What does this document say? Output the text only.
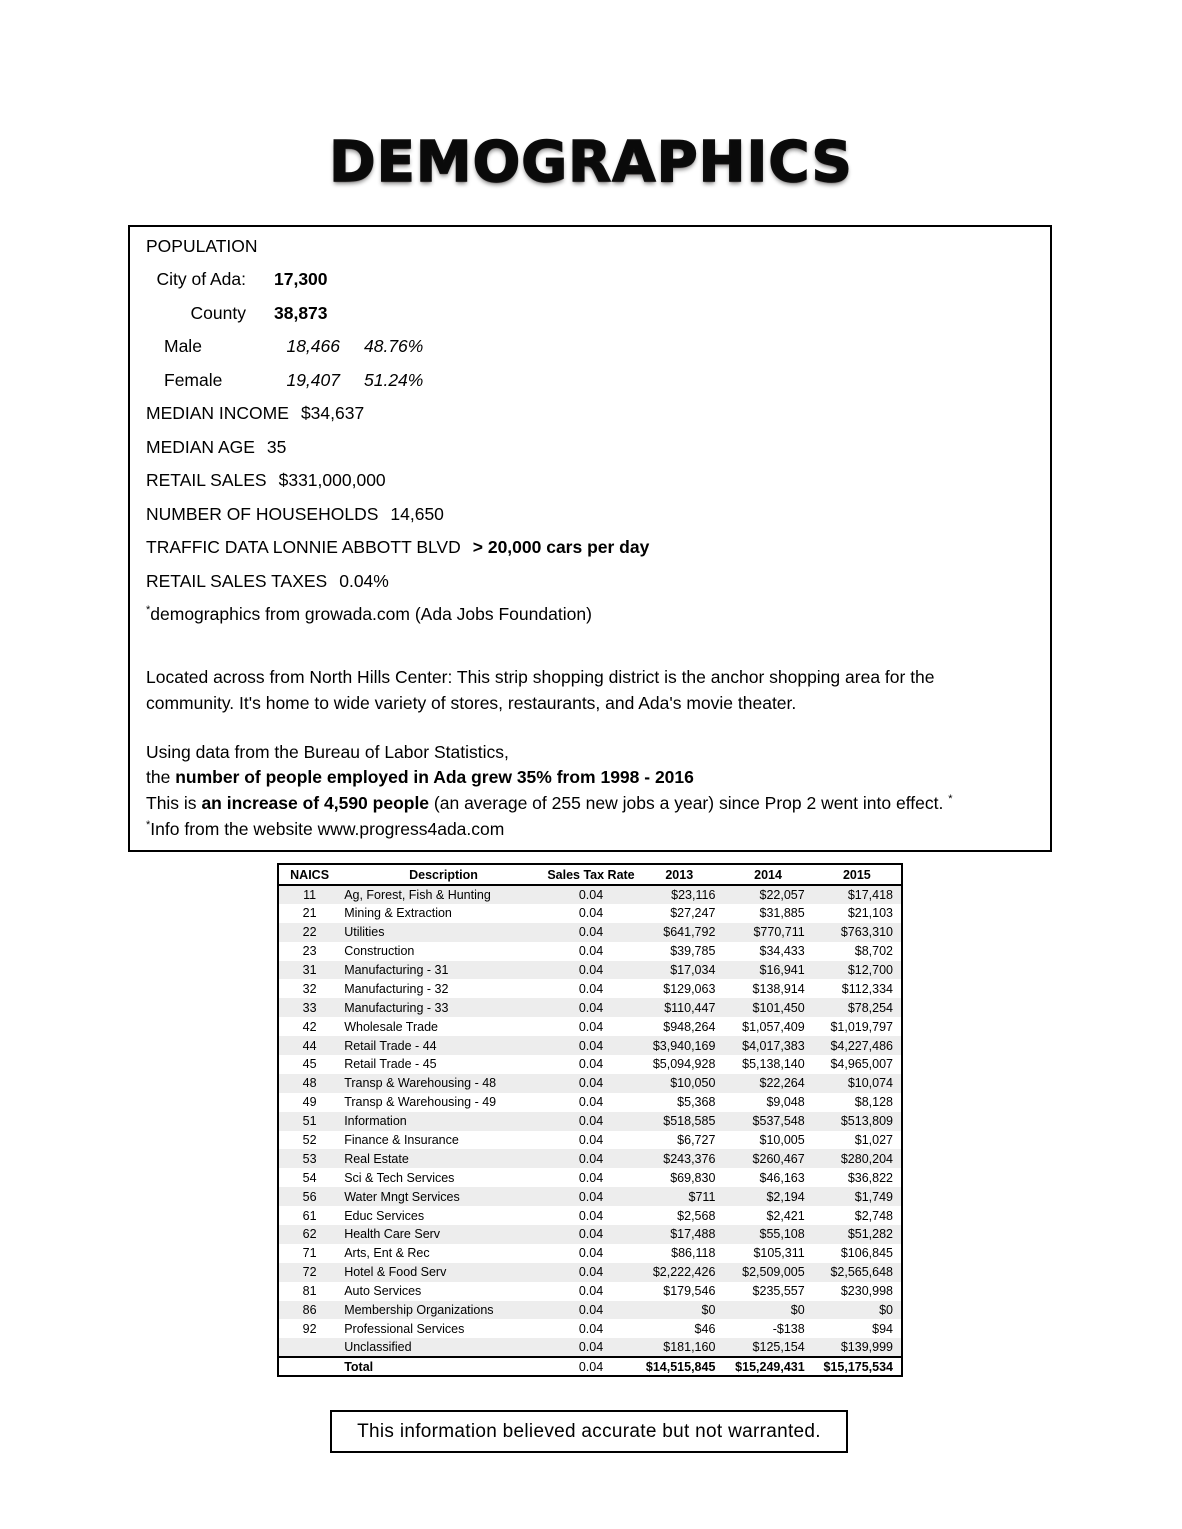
DEMOGRAPHICS
POPULATION
City of Ada: 17,300
County 38,873
Male	18,466 48.76%
Female	19,407 51.24%
MEDIAN INCOME $34,637
MEDIAN AGE 35
RETAIL SALES $331,000,000
NUMBER OF HOUSEHOLDS 14,650
TRAFFIC DATA LONNIE ABBOTT BLVD > 20,000 cars per day
RETAIL SALES TAXES 0.04%
*demographics from growada.com (Ada Jobs Foundation)

Located across from North Hills Center: This strip shopping district is the anchor shopping area for the community. It's home to wide variety of stores, restaurants, and Ada's movie theater.

Using data from the Bureau of Labor Statistics,
the number of people employed in Ada grew 35% from 1998 - 2016
This is an increase of 4,590 people (an average of 255 new jobs a year) since Prop 2 went into effect. *
*Info from the website www.progress4ada.com
NAICS	Description	Sales Tax Rate	2013	2014	2015
11	Ag, Forest, Fish & Hunting	0.04	$23,116	$22,057	$17,418
21	Mining & Extraction	0.04	$27,247	$31,885	$21,103
22	Utilities	0.04	$641,792	$770,711	$763,310
23	Construction	0.04	$39,785	$34,433	$8,702
31	Manufacturing - 31	0.04	$17,034	$16,941	$12,700
32	Manufacturing - 32	0.04	$129,063	$138,914	$112,334
33	Manufacturing - 33	0.04	$110,447	$101,450	$78,254
42	Wholesale Trade	0.04	$948,264	$1,057,409	$1,019,797
44	Retail Trade - 44	0.04	$3,940,169	$4,017,383	$4,227,486
45	Retail Trade - 45	0.04	$5,094,928	$5,138,140	$4,965,007
48	Transp & Warehousing - 48	0.04	$10,050	$22,264	$10,074
49	Transp & Warehousing - 49	0.04	$5,368	$9,048	$8,128
51	Information	0.04	$518,585	$537,548	$513,809
52	Finance & Insurance	0.04	$6,727	$10,005	$1,027
53	Real Estate	0.04	$243,376	$260,467	$280,204
54	Sci & Tech Services	0.04	$69,830	$46,163	$36,822
56	Water Mngt Services	0.04	$711	$2,194	$1,749
61	Educ Services	0.04	$2,568	$2,421	$2,748
62	Health Care Serv	0.04	$17,488	$55,108	$51,282
71	Arts, Ent & Rec	0.04	$86,118	$105,311	$106,845
72	Hotel & Food Serv	0.04	$2,222,426	$2,509,005	$2,565,648
81	Auto Services	0.04	$179,546	$235,557	$230,998
86	Membership Organizations	0.04	$0	$0	$0
92	Professional Services	0.04	$46	-$138	$94
	Unclassified	0.04	$181,160	$125,154	$139,999
	Total	0.04	$14,515,845	$15,249,431	$15,175,534
This information believed accurate but not warranted.
